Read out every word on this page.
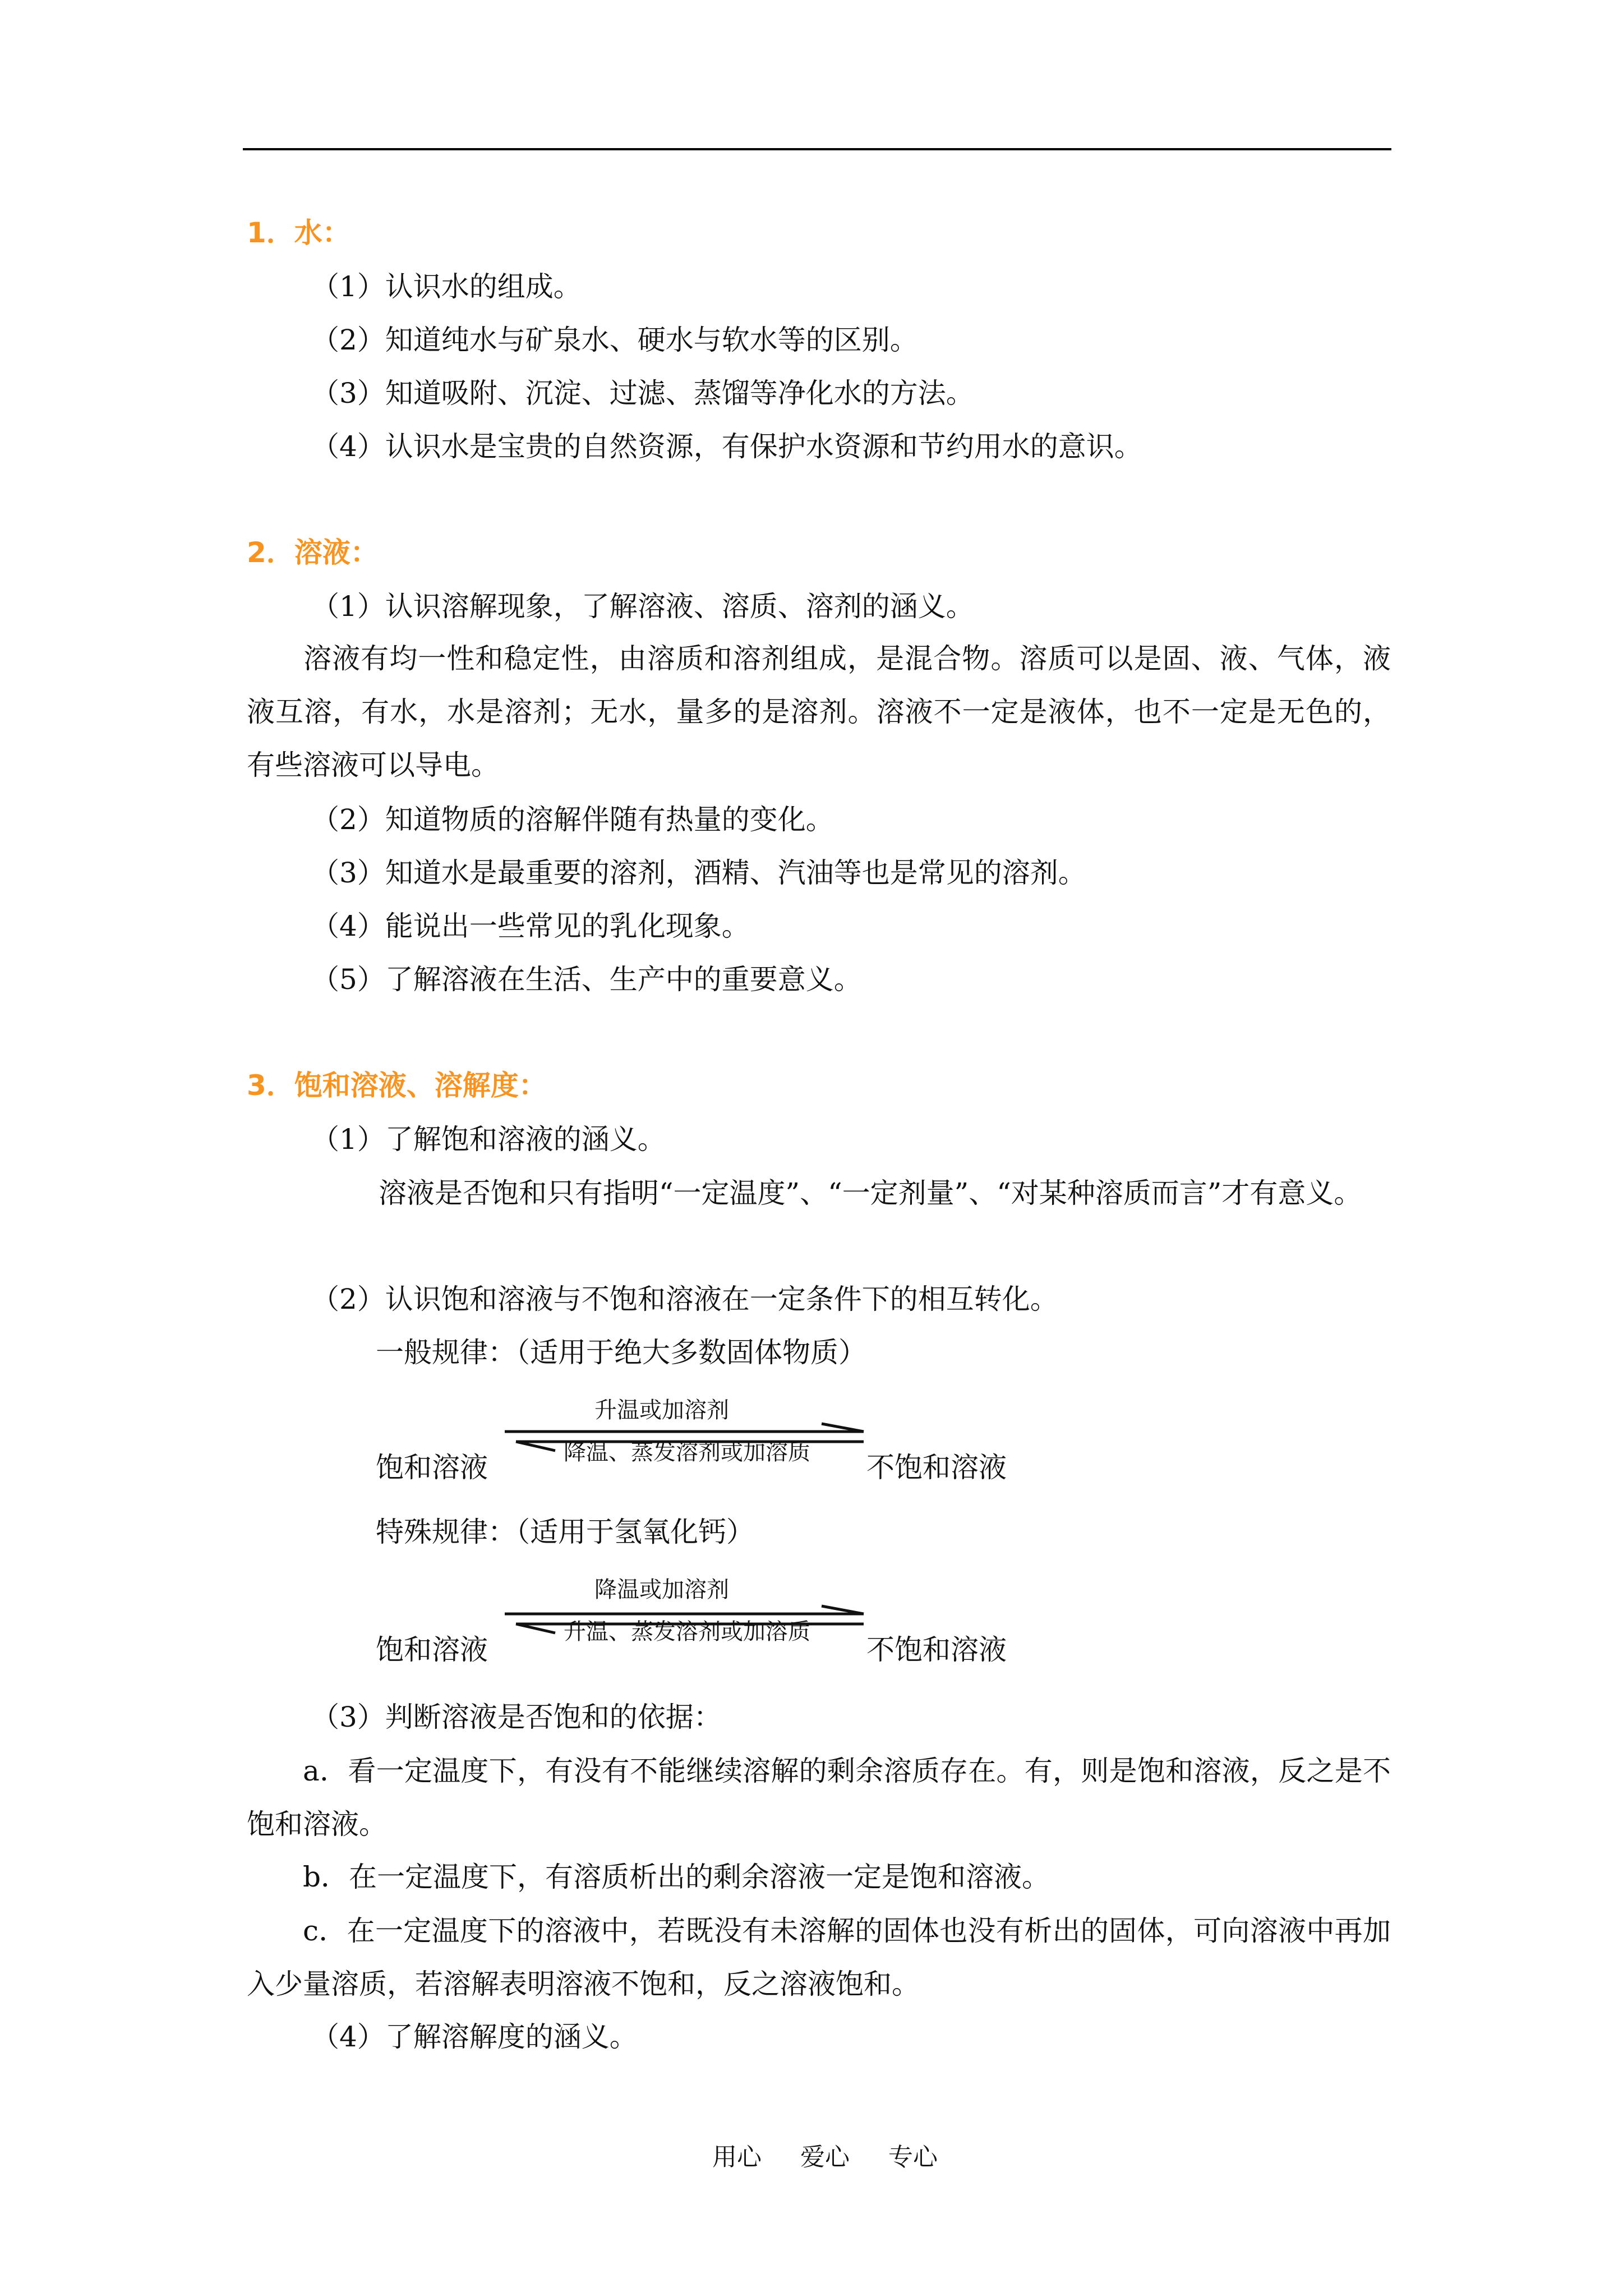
1．水：

（1）认识水的组成。

（2）知道纯水与矿泉水、硬水与软水等的区别。

（3）知道吸附、沉淀、过滤、蒸馏等净化水的方法。

（4）认识水是宝贵的自然资源，有保护水资源和节约用水的意识。

2．溶液：

（1）认识溶解现象，了解溶液、溶质、溶剂的涵义。

溶液有均一性和稳定性，由溶质和溶剂组成，是混合物。溶质可以是固、液、气体，液液互溶，有水，水是溶剂；无水，量多的是溶剂。溶液不一定是液体，也不一定是无色的，有些溶液可以导电。

（2）知道物质的溶解伴随有热量的变化。

（3）知道水是最重要的溶剂，酒精、汽油等也是常见的溶剂。

（4）能说出一些常见的乳化现象。

（5）了解溶液在生活、生产中的重要意义。

3．饱和溶液、溶解度：

（1）了解饱和溶液的涵义。

溶液是否饱和只有指明“一定温度”、“一定剂量”、“对某种溶质而言”才有意义。

（2）认识饱和溶液与不饱和溶液在一定条件下的相互转化。

一般规律：（适用于绝大多数固体物质）

饱和溶液

升温或加溶剂
降温、蒸发溶剂或加溶质 不饱和溶液

特殊规律：（适用于氢氧化钙）

饱和溶液

降温或加溶剂
升温、蒸发溶剂或加溶质

不饱和溶液

（3）判断溶液是否饱和的依据：

a．看一定温度下，有没有不能继续溶解的剩余溶质存在。有，则是饱和溶液，反之是不饱和溶液。

b．在一定温度下，有溶质析出的剩余溶液一定是饱和溶液。

c．在一定温度下的溶液中，若既没有未溶解的固体也没有析出的固体，可向溶液中再加入少量溶质，若溶解表明溶液不饱和，反之溶液饱和。

（4）了解溶解度的涵义。

用心 爱心 专心
